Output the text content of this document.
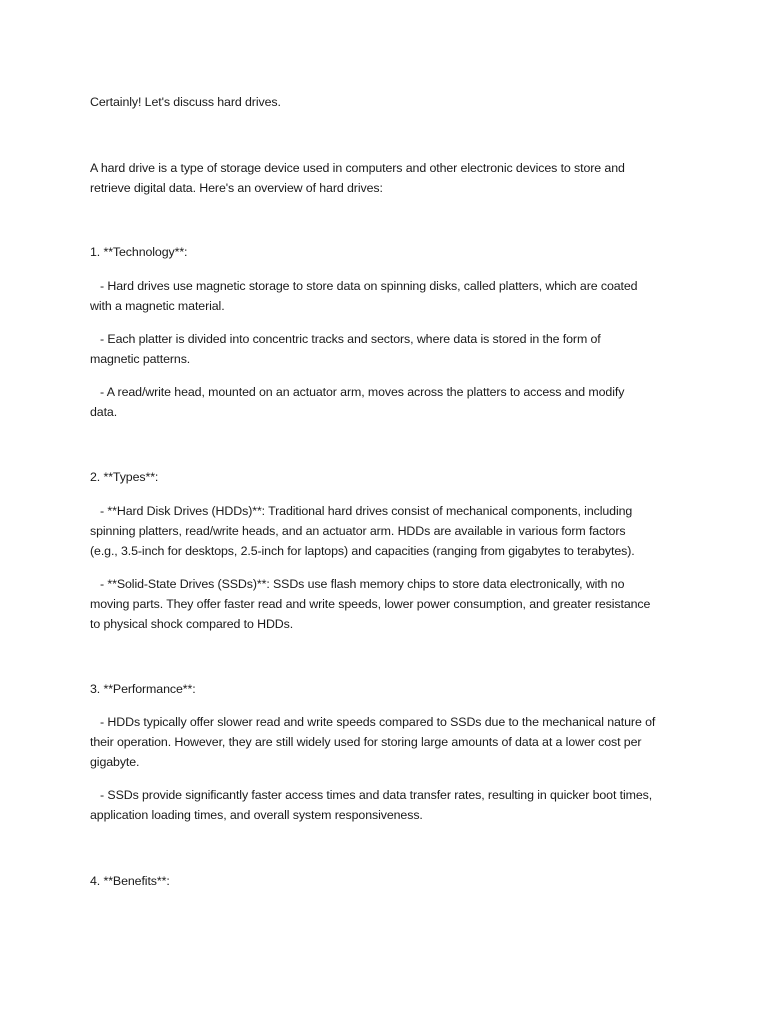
Certainly! Let's discuss hard drives.

A hard drive is a type of storage device used in computers and other electronic devices to store and
retrieve digital data. Here's an overview of hard drives:

1. **Technology**:

- Hard drives use magnetic storage to store data on spinning disks, called platters, which are coated
with a magnetic material.

- Each platter is divided into concentric tracks and sectors, where data is stored in the form of
magnetic patterns.

- A read/write head, mounted on an actuator arm, moves across the platters to access and modify
data.

2. **Types**:

- **Hard Disk Drives (HDDs)**: Traditional hard drives consist of mechanical components, including
spinning platters, read/write heads, and an actuator arm. HDDs are available in various form factors
(e.g., 3.5-inch for desktops, 2.5-inch for laptops) and capacities (ranging from gigabytes to terabytes).

- **Solid-State Drives (SSDs)**: SSDs use flash memory chips to store data electronically, with no
moving parts. They offer faster read and write speeds, lower power consumption, and greater resistance
to physical shock compared to HDDs.

3. **Performance**:

- HDDs typically offer slower read and write speeds compared to SSDs due to the mechanical nature of
their operation. However, they are still widely used for storing large amounts of data at a lower cost per
gigabyte.

- SSDs provide significantly faster access times and data transfer rates, resulting in quicker boot times,
application loading times, and overall system responsiveness.

4. **Benefits**:
